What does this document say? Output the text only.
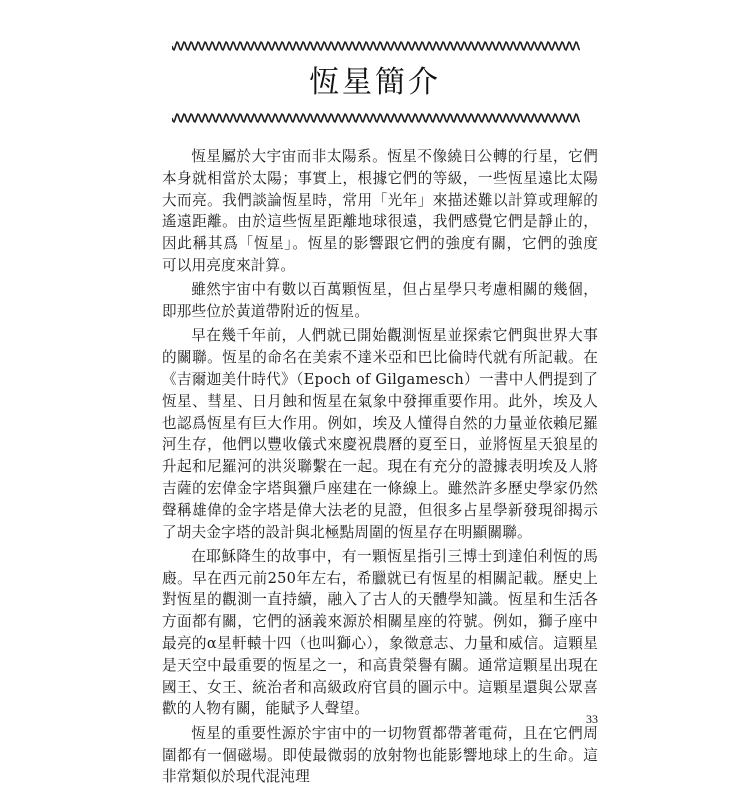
恆星簡介

恆星屬於大宇宙而非太陽系。恆星不像繞日公轉的行星，它們本身就相當於太陽；事實上，根據它們的等級，一些恆星遠比太陽大而亮。我們談論恆星時，常用「光年」來描述難以計算或理解的遙遠距離。由於這些恆星距離地球很遠，我們感覺它們是靜止的，因此稱其爲「恆星」。恆星的影響跟它們的強度有關，它們的強度可以用亮度來計算。

雖然宇宙中有數以百萬顆恆星，但占星學只考慮相關的幾個，即那些位於黃道帶附近的恆星。

早在幾千年前，人們就已開始觀測恆星並探索它們與世界大事的關聯。恆星的命名在美索不達米亞和巴比倫時代就有所記載。在《吉爾迦美什時代》（Epoch of Gilgamesch）一書中人們提到了恆星、彗星、日月蝕和恆星在氣象中發揮重要作用。此外，埃及人也認爲恆星有巨大作用。例如，埃及人懂得自然的力量並依賴尼羅河生存，他們以豐收儀式來慶祝農曆的夏至日，並將恆星天狼星的升起和尼羅河的洪災聯繫在一起。現在有充分的證據表明埃及人將吉薩的宏偉金字塔與獵戶座建在一條線上。雖然許多歷史學家仍然聲稱雄偉的金字塔是偉大法老的見證，但很多占星學新發現卻揭示了胡夫金字塔的設計與北極點周圍的恆星存在明顯關聯。

在耶穌降生的故事中，有一顆恆星指引三博士到達伯利恆的馬廄。早在西元前250年左右，希臘就已有恆星的相關記載。歷史上對恆星的觀測一直持續，融入了古人的天體學知識。恆星和生活各方面都有關，它們的涵義來源於相關星座的符號。例如，獅子座中最亮的α星軒轅十四（也叫獅心），象徵意志、力量和威信。這顆星是天空中最重要的恆星之一，和高貴榮譽有關。通常這顆星出現在國王、女王、統治者和高級政府官員的圖示中。這顆星還與公眾喜歡的人物有關，能賦予人聲望。

恆星的重要性源於宇宙中的一切物質都帶著電荷，且在它們周圍都有一個磁場。即使最微弱的放射物也能影響地球上的生命。這非常類似於現代混沌理

33
